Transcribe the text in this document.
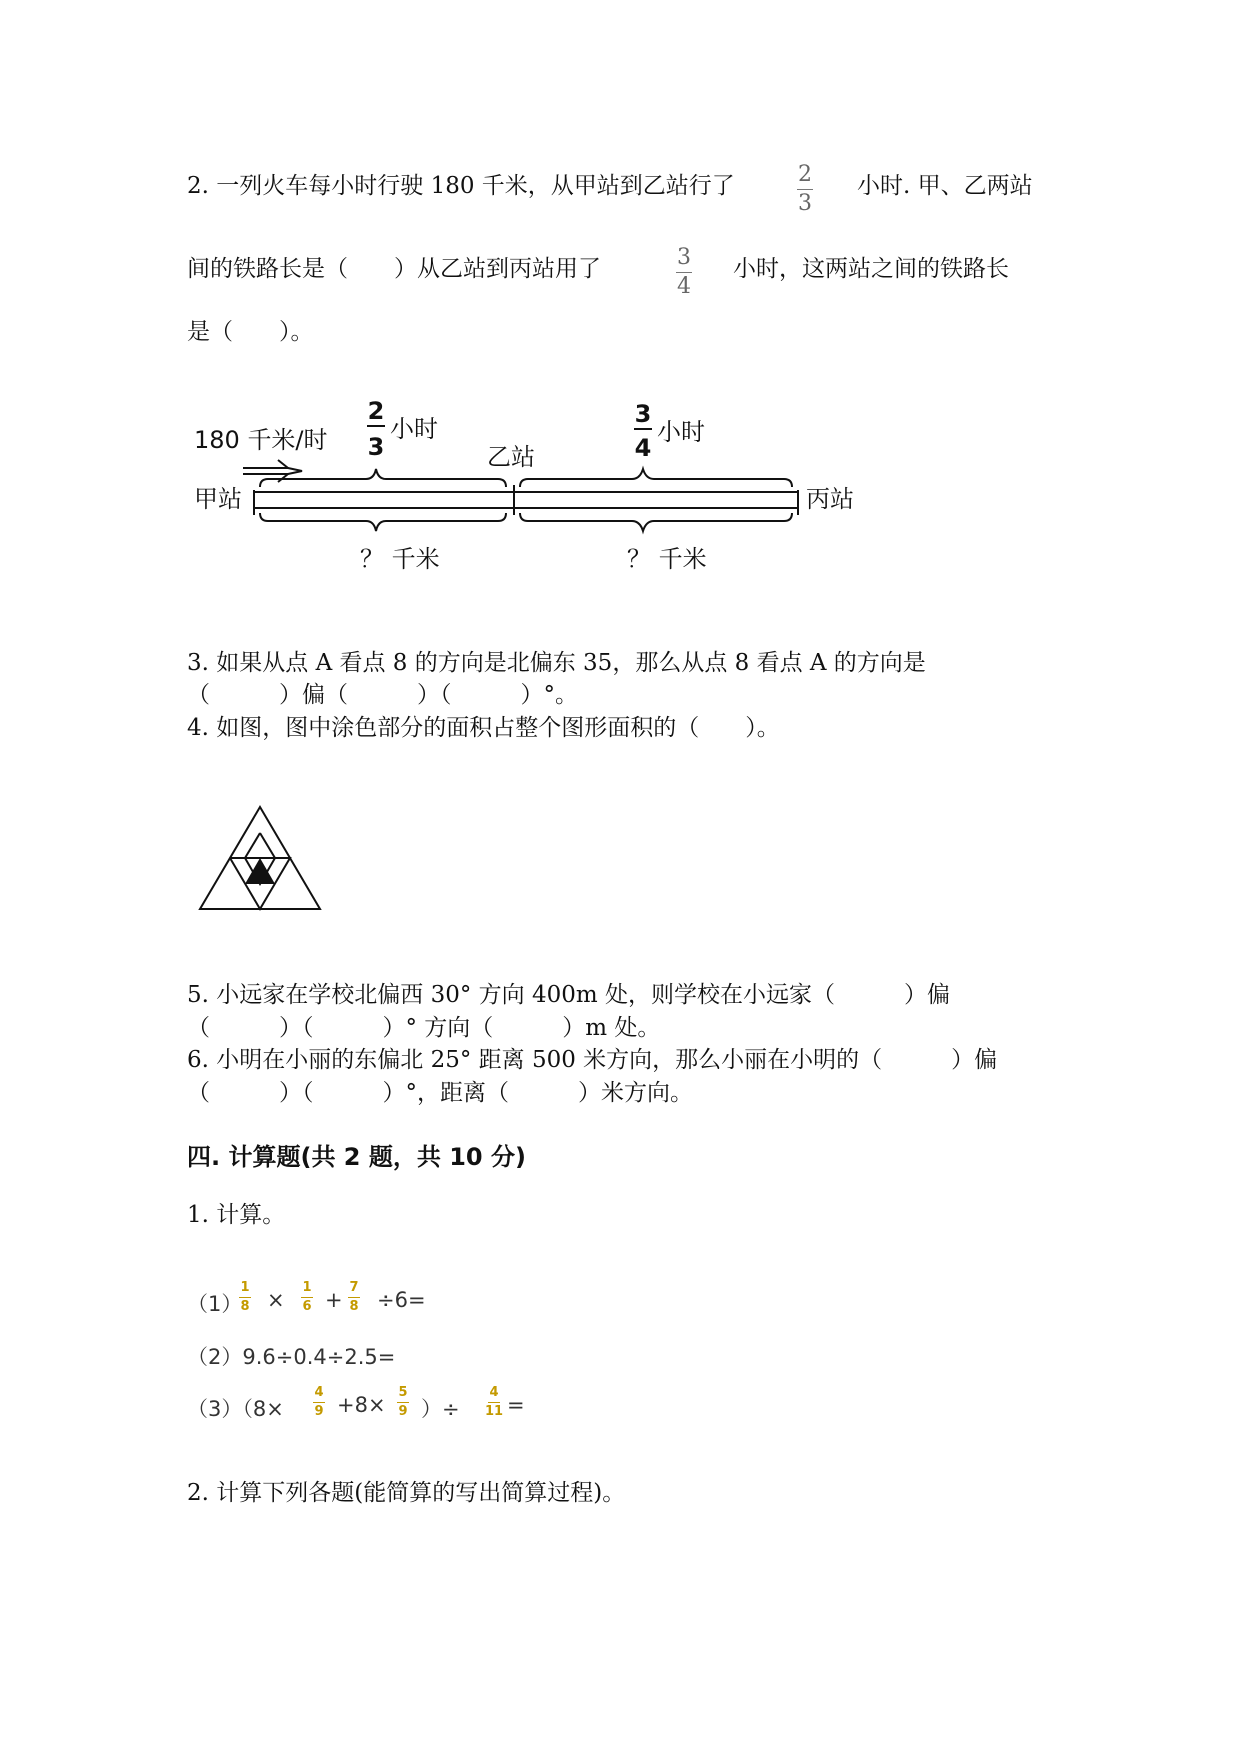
2. 一列火车每小时行驶 180 千米，从甲站到乙站行了	2
3
小时. 甲、乙两站
间的铁路长是（　　）从乙站到丙站用了	3
4
小时，这两站之间的铁路长
是（　　）。
180 千米/时
2
3
小时
3
4
小时
乙站
甲站	丙站
？ 千米	？ 千米
3. 如果从点 A 看点 8 的方向是北偏东 35，那么从点 8 看点 A 的方向是
（　　　）偏（　　　）（　　　）°。
4. 如图，图中涂色部分的面积占整个图形面积的（　　）。
5. 小远家在学校北偏西 30° 方向 400m 处，则学校在小远家（　　　）偏
（　　　）（　　　）° 方向（　　　）m 处。
6. 小明在小丽的东偏北 25° 距离 500 米方向，那么小丽在小明的（　　　）偏
（　　　）（　　　）°，距离（　　　）米方向。
四. 计算题(共 2 题，共 10 分)
1. 计算。
（1）
1
8 ×
1
6 +
7
8 ÷6=
（2）9.6÷0.4÷2.5=
（3）（8×
4
9 +8×
5
9 ）÷
4
11 =
2. 计算下列各题(能简算的写出简算过程)。
